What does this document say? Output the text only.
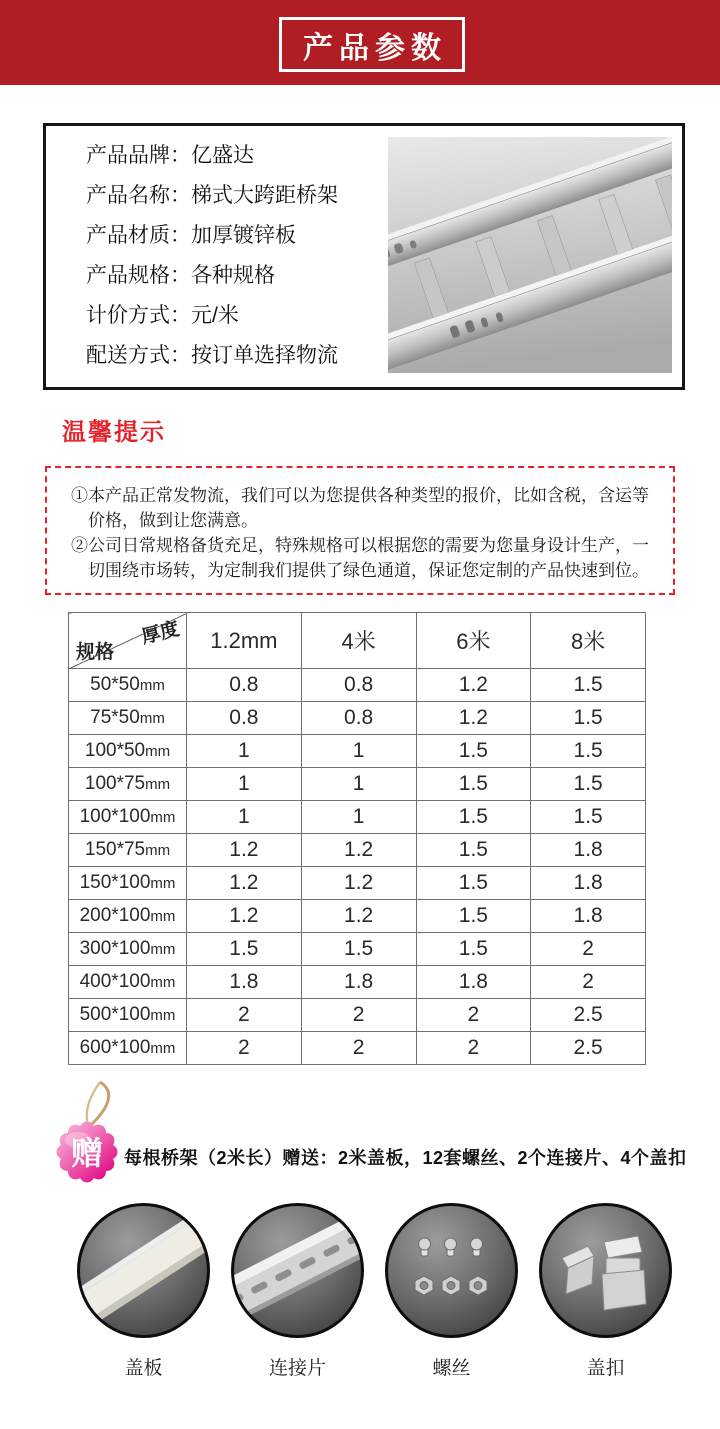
产品参数
产品品牌：亿盛达
产品名称：梯式大跨距桥架
产品材质：加厚镀锌板
产品规格：各种规格
计价方式：元/米
配送方式：按订单选择物流
温馨提示
①本产品正常发物流，我们可以为您提供各种类型的报价，比如含税，含运等价格，做到让您满意。
②公司日常规格备货充足，特殊规格可以根据您的需要为您量身设计生产，一切围绕市场转，为定制我们提供了绿色通道，保证您定制的产品快速到位。
厚度
规格	1.2mm	4米	6米	8米
50*50mm	0.8	0.8	1.2	1.5
75*50mm	0.8	0.8	1.2	1.5
100*50mm	1	1	1.5	1.5
100*75mm	1	1	1.5	1.5
100*100mm	1	1	1.5	1.5
150*75mm	1.2	1.2	1.5	1.8
150*100mm	1.2	1.2	1.5	1.8
200*100mm	1.2	1.2	1.5	1.8
300*100mm	1.5	1.5	1.5	2
400*100mm	1.8	1.8	1.8	2
500*100mm	2	2	2	2.5
600*100mm	2	2	2	2.5
赠 每根桥架（2米长）赠送：2米盖板，12套螺丝、2个连接片、4个盖扣
盖板	连接片	螺丝	盖扣
